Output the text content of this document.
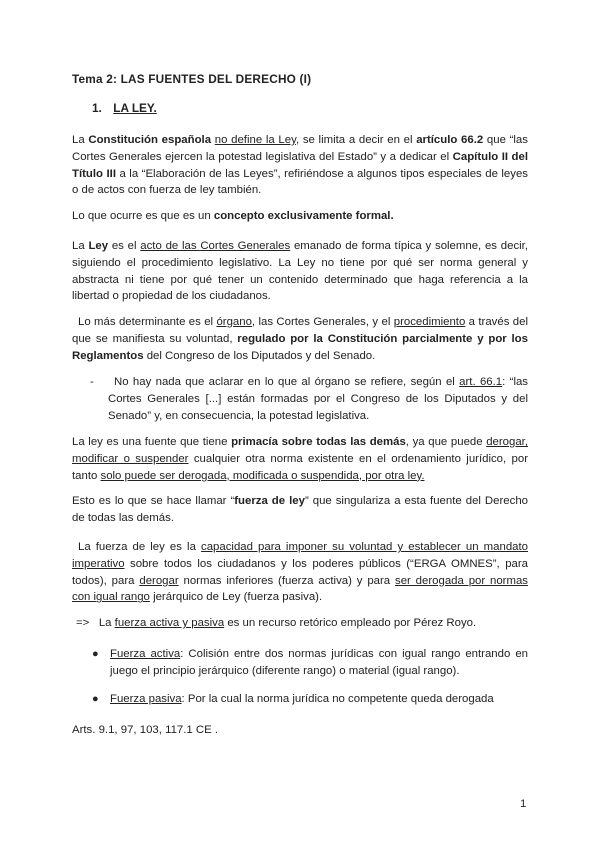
Tema 2: LAS FUENTES DEL DERECHO (I)

1. LA LEY.

La Constitución española no define la Ley, se limita a decir en el artículo 66.2 que “las Cortes Generales ejercen la potestad legislativa del Estado” y a dedicar el Capítulo II del Título III a la “Elaboración de las Leyes”, refiriéndose a algunos tipos especiales de leyes o de actos con fuerza de ley también.

Lo que ocurre es que es un concepto exclusivamente formal.

La Ley es el acto de las Cortes Generales emanado de forma típica y solemne, es decir, siguiendo el procedimiento legislativo. La Ley no tiene por qué ser norma general y abstracta ni tiene por qué tener un contenido determinado que haga referencia a la libertad o propiedad de los ciudadanos.

Lo más determinante es el órgano, las Cortes Generales, y el procedimiento a través del que se manifiesta su voluntad, regulado por la Constitución parcialmente y por los Reglamentos del Congreso de los Diputados y del Senado.

-	No hay nada que aclarar en lo que al órgano se refiere, según el art. 66.1: “las Cortes Generales [...] están formadas por el Congreso de los Diputados y del Senado” y, en consecuencia, la potestad legislativa.

La ley es una fuente que tiene primacía sobre todas las demás, ya que puede derogar, modificar o suspender cualquier otra norma existente en el ordenamiento jurídico, por tanto solo puede ser derogada, modificada o suspendida, por otra ley.

Esto es lo que se hace llamar “fuerza de ley” que singulariza a esta fuente del Derecho de todas las demás.

La fuerza de ley es la capacidad para imponer su voluntad y establecer un mandato imperativo sobre todos los ciudadanos y los poderes públicos (“ERGA OMNES”, para todos), para derogar normas inferiores (fuerza activa) y para ser derogada por normas con igual rango jerárquico de Ley (fuerza pasiva).

=> La fuerza activa y pasiva es un recurso retórico empleado por Pérez Royo.

● Fuerza activa: Colisión entre dos normas jurídicas con igual rango entrando en juego el principio jerárquico (diferente rango) o material (igual rango).

● Fuerza pasiva: Por la cual la norma jurídica no competente queda derogada

Arts. 9.1, 97, 103, 117.1 CE .

1
